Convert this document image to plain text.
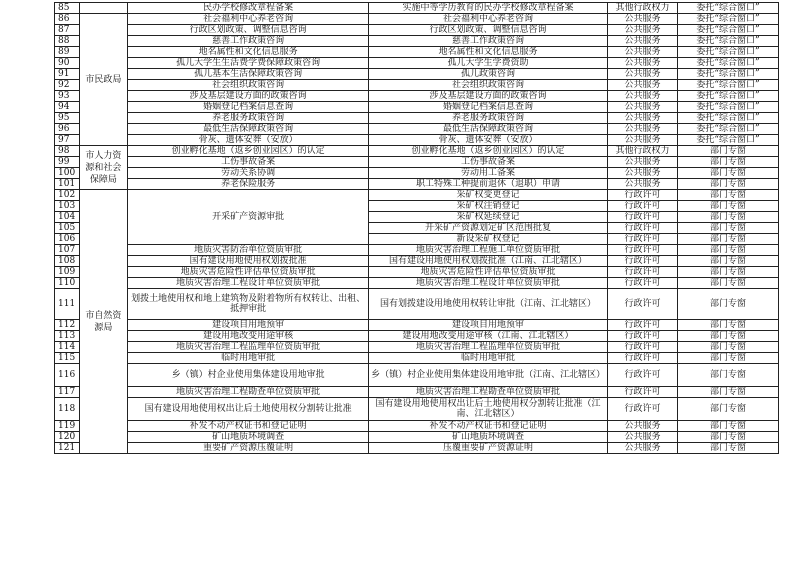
85		民办学校修改章程备案	实施中等学历教育的民办学校修改章程备案	其他行政权力	委托“综合窗口”
86	市民政局	社会福利中心养老咨询	社会福利中心养老咨询	公共服务	委托“综合窗口”
87		行政区划政策、调整信息咨询	行政区划政策、调整信息咨询	公共服务	委托“综合窗口”
88		慈善工作政策咨询	慈善工作政策咨询	公共服务	委托“综合窗口”
89		地名属性和文化信息服务	地名属性和文化信息服务	公共服务	委托“综合窗口”
90		孤儿大学生生活费学费保障政策咨询	孤儿大学生学费资助	公共服务	委托“综合窗口”
91		孤儿基本生活保障政策咨询	孤儿政策咨询	公共服务	委托“综合窗口”
92		社会组织政策咨询	社会组织政策咨询	公共服务	委托“综合窗口”
93		涉及基层建设方面的政策咨询	涉及基层建设方面的政策咨询	公共服务	委托“综合窗口”
94		婚姻登记档案信息查询	婚姻登记档案信息查询	公共服务	委托“综合窗口”
95		养老服务政策咨询	养老服务政策咨询	公共服务	委托“综合窗口”
96		最低生活保障政策咨询	最低生活保障政策咨询	公共服务	委托“综合窗口”
97		骨灰、遗体安葬（安放）	骨灰、遗体安葬（安放）	公共服务	委托“综合窗口”
98	市人力资源和社会保障局	创业孵化基地（返乡创业园区）的认定	创业孵化基地（返乡创业园区）的认定	其他行政权力	部门专窗
99		工伤事故备案	工伤事故备案	公共服务	部门专窗
100		劳动关系协调	劳动用工备案	公共服务	部门专窗
101		养老保险服务	职工特殊工种提前退休（退职）申请	公共服务	部门专窗
102	市自然资源局	开采矿产资源审批	采矿权变更登记	行政许可	部门专窗
103			采矿权注销登记	行政许可	部门专窗
104			采矿权延续登记	行政许可	部门专窗
105			开采矿产资源划定矿区范围批复	行政许可	部门专窗
106			新设采矿权登记	行政许可	部门专窗
107		地质灾害防治单位资质审批	地质灾害治理工程施工单位资质审批	行政许可	部门专窗
108		国有建设用地使用权划拨批准	国有建设用地使用权划拨批准（江南、江北辖区）	行政许可	部门专窗
109		地质灾害危险性评估单位资质审批	地质灾害危险性评估单位资质审批	行政许可	部门专窗
110		地质灾害治理工程设计单位资质审批	地质灾害治理工程设计单位资质审批	行政许可	部门专窗
111		划拨土地使用权和地上建筑物及附着物所有权转让、出租、抵押审批	国有划拨建设用地使用权转让审批（江南、江北辖区）	行政许可	部门专窗
112		建设项目用地预审	建设项目用地预审	行政许可	部门专窗
113		建设用地改变用途审核	建设用地改变用途审核（江南、江北辖区）	行政许可	部门专窗
114		地质灾害治理工程监理单位资质审批	地质灾害治理工程监理单位资质审批	行政许可	部门专窗
115		临时用地审批	临时用地审批	行政许可	部门专窗
116		乡（镇）村企业使用集体建设用地审批	乡（镇）村企业使用集体建设用地审批（江南、江北辖区）	行政许可	部门专窗
117		地质灾害治理工程勘查单位资质审批	地质灾害治理工程勘查单位资质审批	行政许可	部门专窗
118		国有建设用地使用权出让后土地使用权分割转让批准	国有建设用地使用权出让后土地使用权分割转让批准（江南、江北辖区）	行政许可	部门专窗
119		补发不动产权证书和登记证明	补发不动产权证书和登记证明	公共服务	部门专窗
120		矿山地质环境调查	矿山地质环境调查	公共服务	部门专窗
121		重要矿产资源压覆证明	压覆重要矿产资源证明	公共服务	部门专窗
